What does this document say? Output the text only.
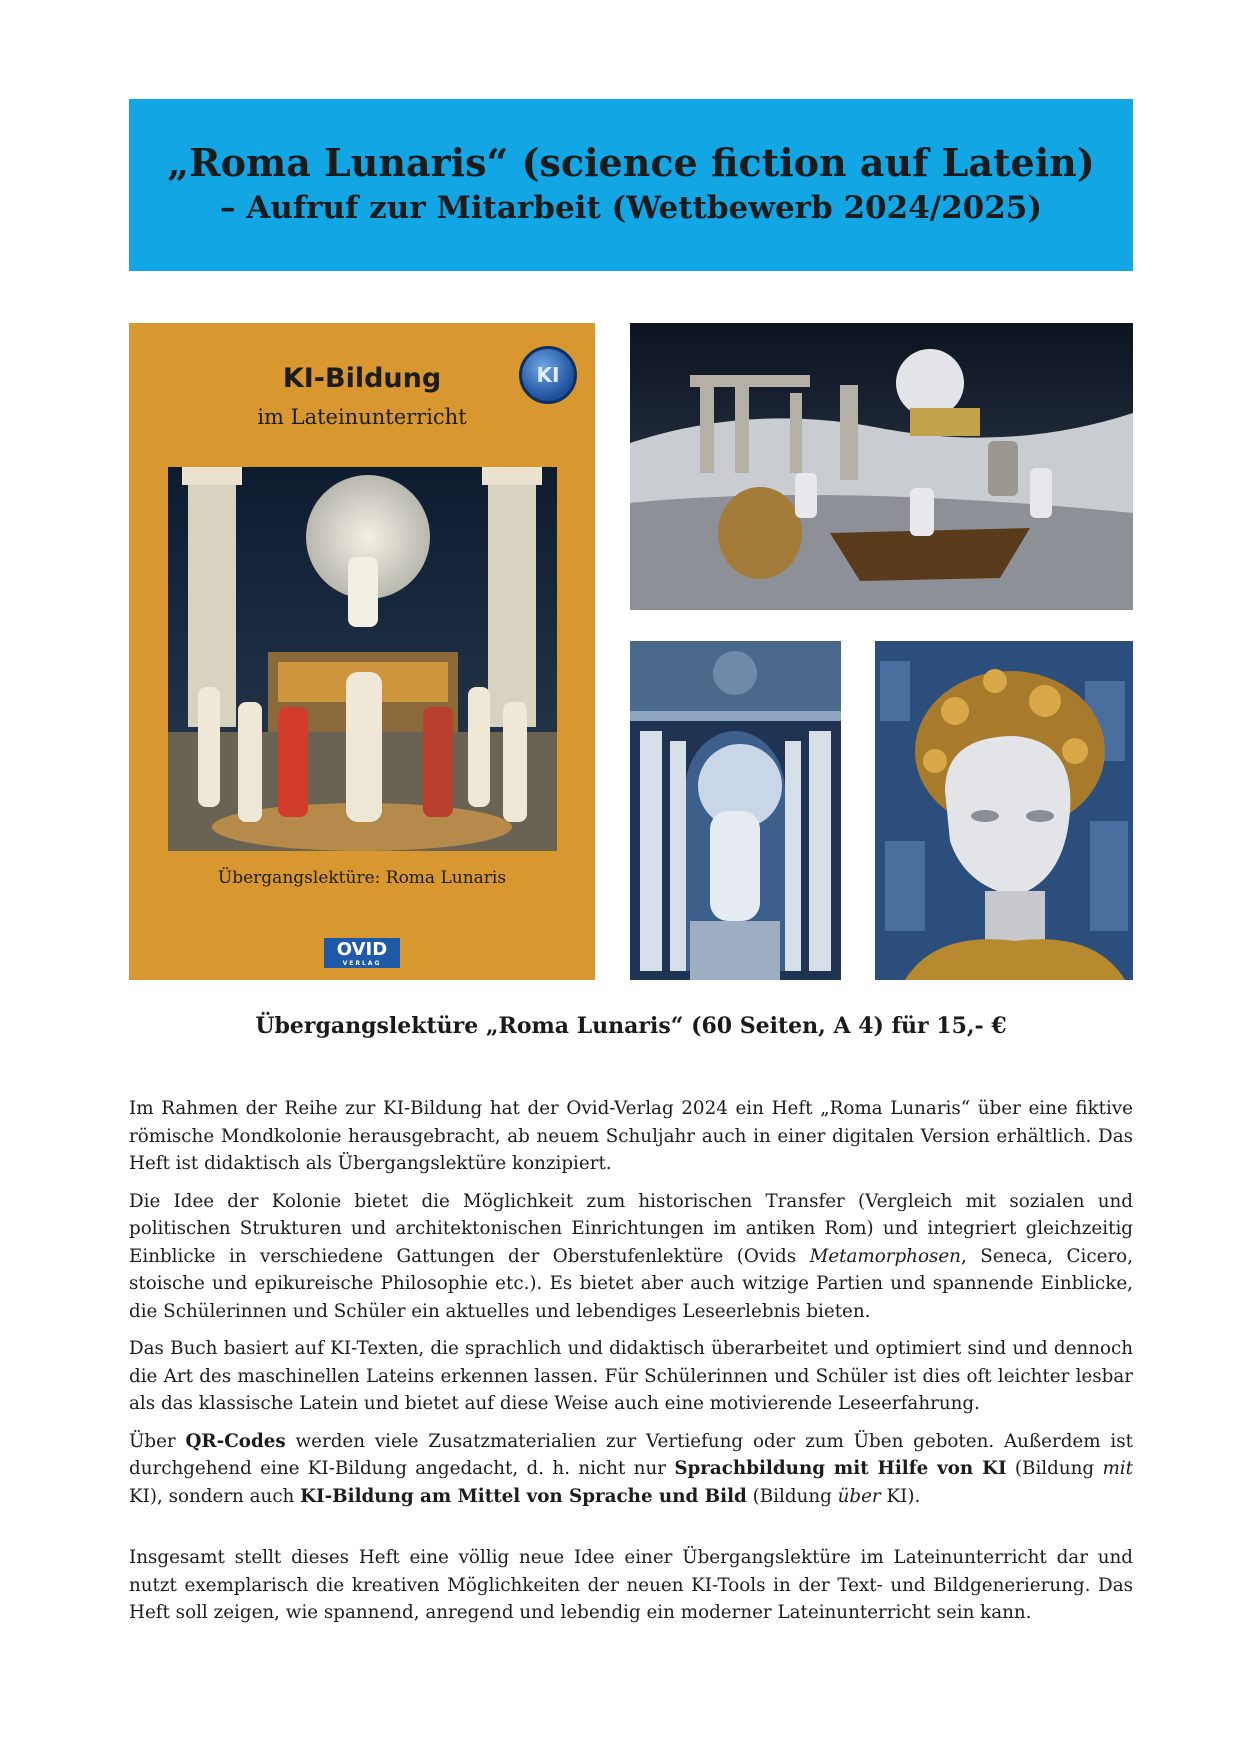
„Roma Lunaris“ (science fiction auf Latein)
– Aufruf zur Mitarbeit (Wettbewerb 2024/2025)
KI
KI-Bildung
im Lateinunterricht
Übergangslektüre: Roma Lunaris
OVID
VERLAG
Übergangslektüre „Roma Lunaris“ (60 Seiten, A 4) für 15,- €

Im Rahmen der Reihe zur KI-Bildung hat der Ovid-Verlag 2024 ein Heft „Roma Lunaris“ über eine fiktive römische Mondkolonie herausgebracht, ab neuem Schuljahr auch in einer digitalen Version erhältlich. Das Heft ist didaktisch als Übergangslektüre konzipiert.

Die Idee der Kolonie bietet die Möglichkeit zum historischen Transfer (Vergleich mit sozialen und politischen Strukturen und architektonischen Einrichtungen im antiken Rom) und integriert gleichzeitig Einblicke in verschiedene Gattungen der Oberstufenlektüre (Ovids Metamorphosen, Seneca, Cicero, stoische und epikureische Philosophie etc.). Es bietet aber auch witzige Partien und spannende Einblicke, die Schülerinnen und Schüler ein aktuelles und lebendiges Leseerlebnis bieten.

Das Buch basiert auf KI-Texten, die sprachlich und didaktisch überarbeitet und optimiert sind und dennoch die Art des maschinellen Lateins erkennen lassen. Für Schülerinnen und Schüler ist dies oft leichter lesbar als das klassische Latein und bietet auf diese Weise auch eine motivierende Leseerfahrung.

Über QR-Codes werden viele Zusatzmaterialien zur Vertiefung oder zum Üben geboten. Außerdem ist durchgehend eine KI-Bildung angedacht, d. h. nicht nur Sprachbildung mit Hilfe von KI (Bildung mit KI), sondern auch KI-Bildung am Mittel von Sprache und Bild (Bildung über KI).

Insgesamt stellt dieses Heft eine völlig neue Idee einer Übergangslektüre im Lateinunterricht dar und nutzt exemplarisch die kreativen Möglichkeiten der neuen KI-Tools in der Text- und Bildgenerierung. Das Heft soll zeigen, wie spannend, anregend und lebendig ein moderner Lateinunterricht sein kann.
